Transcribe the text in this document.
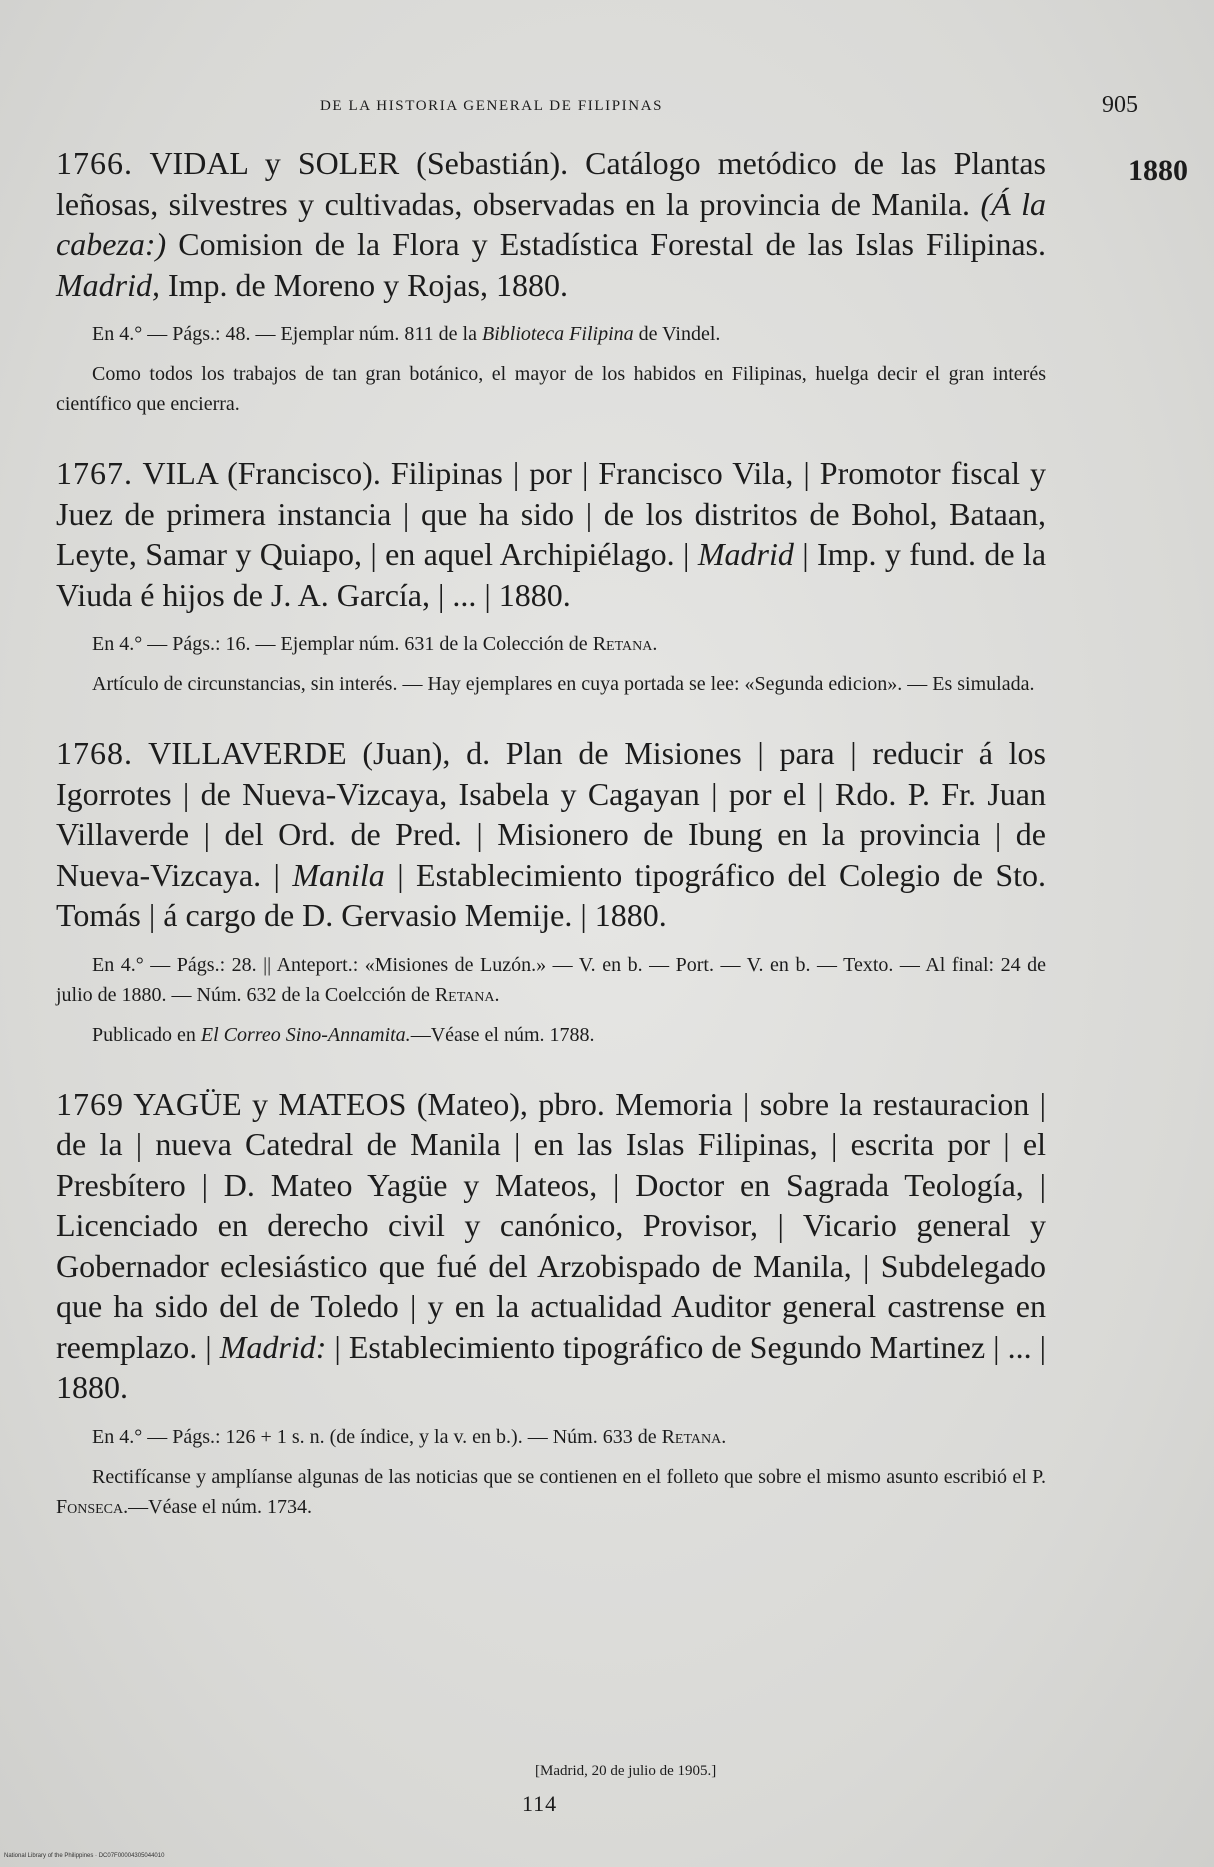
DE LA HISTORIA GENERAL DE FILIPINAS	905
1880

1766. VIDAL y SOLER (Sebastián). Catálogo metódico de las Plantas leñosas, silvestres y cultivadas, observadas en la provincia de Manila. (Á la cabeza:) Comision de la Flora y Estadística Forestal de las Islas Filipinas. Madrid, Imp. de Moreno y Rojas, 1880.

En 4.° — Págs.: 48. — Ejemplar núm. 811 de la Biblioteca Filipina de Vindel.

Como todos los trabajos de tan gran botánico, el mayor de los habidos en Filipinas, huelga decir el gran interés científico que encierra.

1767. VILA (Francisco). Filipinas | por | Francisco Vila, | Promotor fiscal y Juez de primera instancia | que ha sido | de los distritos de Bohol, Bataan, Leyte, Samar y Quiapo, | en aquel Archipiélago. | Madrid | Imp. y fund. de la Viuda é hijos de J. A. García, | ... | 1880.

En 4.° — Págs.: 16. — Ejemplar núm. 631 de la Colección de Retana.

Artículo de circunstancias, sin interés. — Hay ejemplares en cuya portada se lee: «Segunda edicion». — Es simulada.

1768. VILLAVERDE (Juan), d. Plan de Misiones | para | reducir á los Igorrotes | de Nueva-Vizcaya, Isabela y Cagayan | por el | Rdo. P. Fr. Juan Villaverde | del Ord. de Pred. | Misionero de Ibung en la provincia | de Nueva-Vizcaya. | Manila | Establecimiento tipográfico del Colegio de Sto. Tomás | á cargo de D. Gervasio Memije. | 1880.

En 4.° — Págs.: 28. || Anteport.: «Misiones de Luzón.» — V. en b. — Port. — V. en b. — Texto. — Al final: 24 de julio de 1880. — Núm. 632 de la Coelcción de Retana.

Publicado en El Correo Sino-Annamita.—Véase el núm. 1788.

1769 YAGÜE y MATEOS (Mateo), pbro. Memoria | sobre la restauracion | de la | nueva Catedral de Manila | en las Islas Filipinas, | escrita por | el Presbítero | D. Mateo Yagüe y Mateos, | Doctor en Sagrada Teología, | Licenciado en derecho civil y canónico, Provisor, | Vicario general y Gobernador eclesiástico que fué del Arzobispado de Manila, | Subdelegado que ha sido del de Toledo | y en la actualidad Auditor general castrense en reemplazo. | Madrid: | Establecimiento tipográfico de Segundo Martinez | ... | 1880.

En 4.° — Págs.: 126 + 1 s. n. (de índice, y la v. en b.). — Núm. 633 de Retana.

Rectifícanse y amplíanse algunas de las noticias que se contienen en el folleto que sobre el mismo asunto escribió el P. Fonseca.—Véase el núm. 1734.

[Madrid, 20 de julio de 1905.]
114
National Library of the Philippines · DC07F00004305044010
